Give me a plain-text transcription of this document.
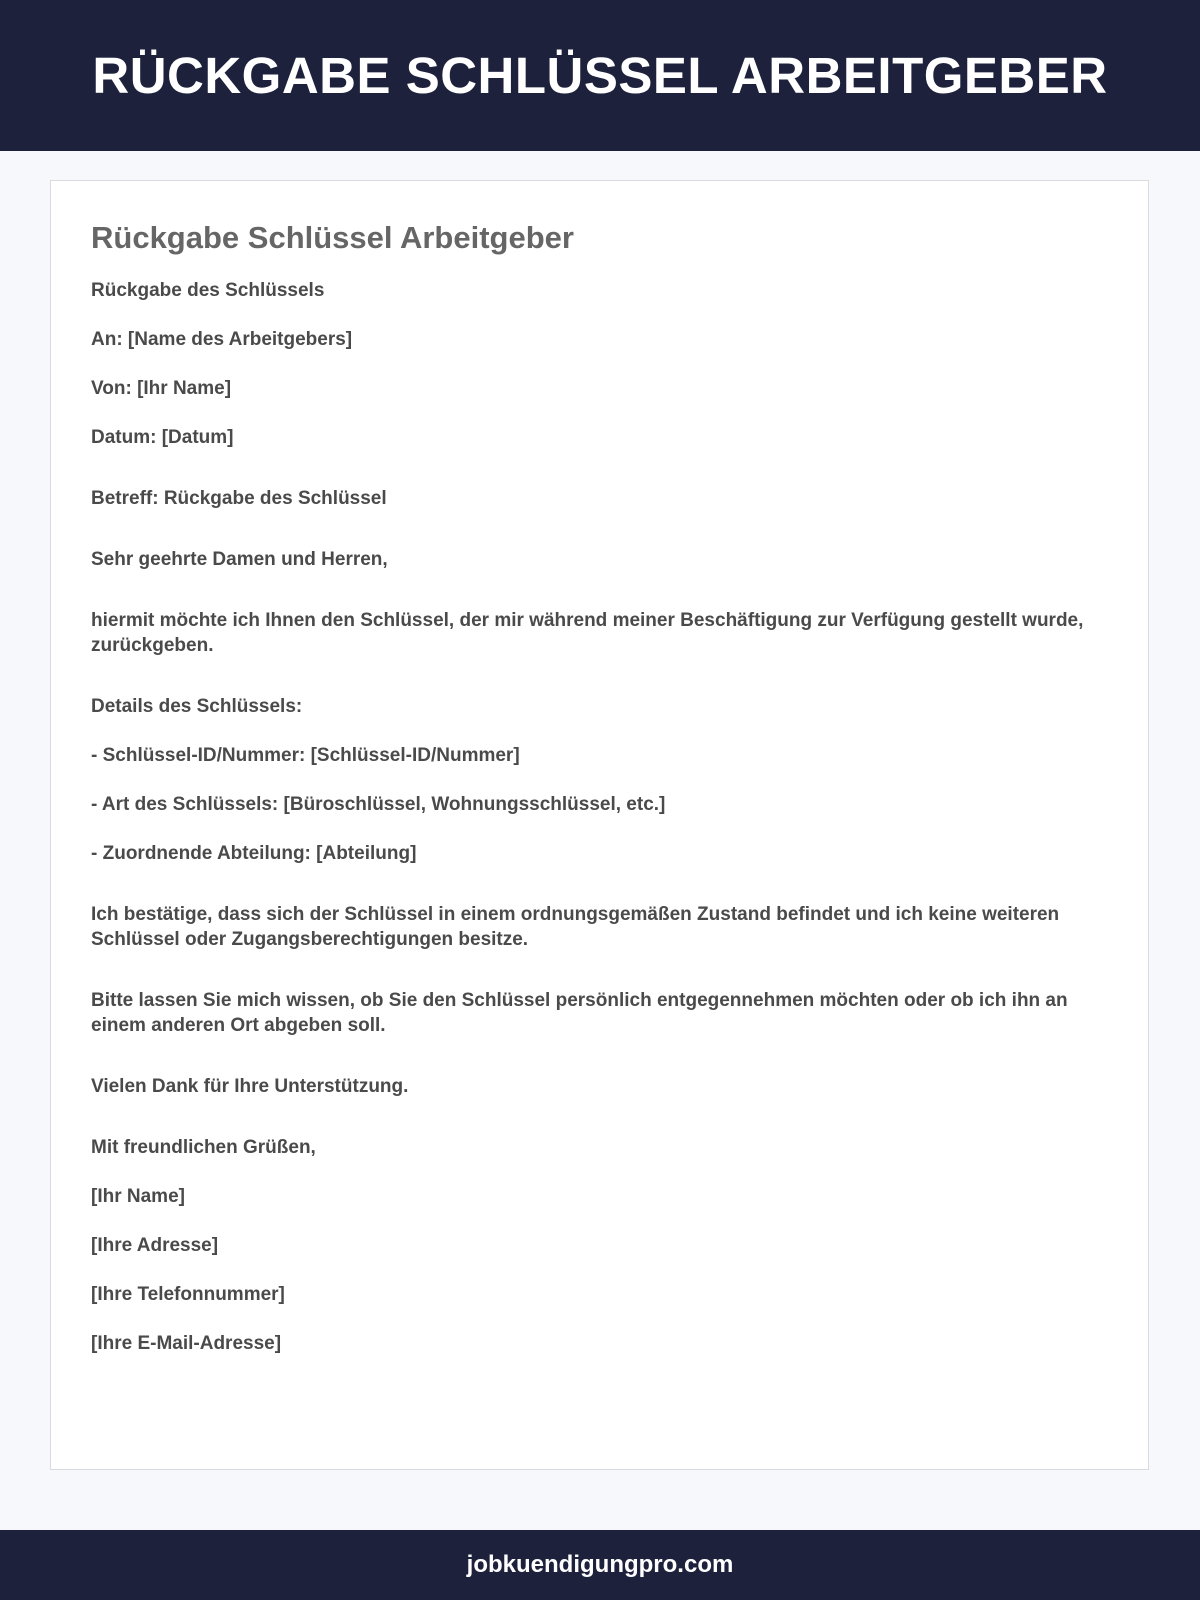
RÜCKGABE SCHLÜSSEL ARBEITGEBER
Rückgabe Schlüssel Arbeitgeber

Rückgabe des Schlüssels

An: [Name des Arbeitgebers]

Von: [Ihr Name]

Datum: [Datum]

Betreff: Rückgabe des Schlüssel

Sehr geehrte Damen und Herren,

hiermit möchte ich Ihnen den Schlüssel, der mir während meiner Beschäftigung zur Verfügung gestellt wurde, zurückgeben.

Details des Schlüssels:

- Schlüssel-ID/Nummer: [Schlüssel-ID/Nummer]

- Art des Schlüssels: [Büroschlüssel, Wohnungsschlüssel, etc.]

- Zuordnende Abteilung: [Abteilung]

Ich bestätige, dass sich der Schlüssel in einem ordnungsgemäßen Zustand befindet und ich keine weiteren Schlüssel oder Zugangsberechtigungen besitze.

Bitte lassen Sie mich wissen, ob Sie den Schlüssel persönlich entgegennehmen möchten oder ob ich ihn an einem anderen Ort abgeben soll.

Vielen Dank für Ihre Unterstützung.

Mit freundlichen Grüßen,

[Ihr Name]

[Ihre Adresse]

[Ihre Telefonnummer]

[Ihre E-Mail-Adresse]

jobkuendigungpro.com
